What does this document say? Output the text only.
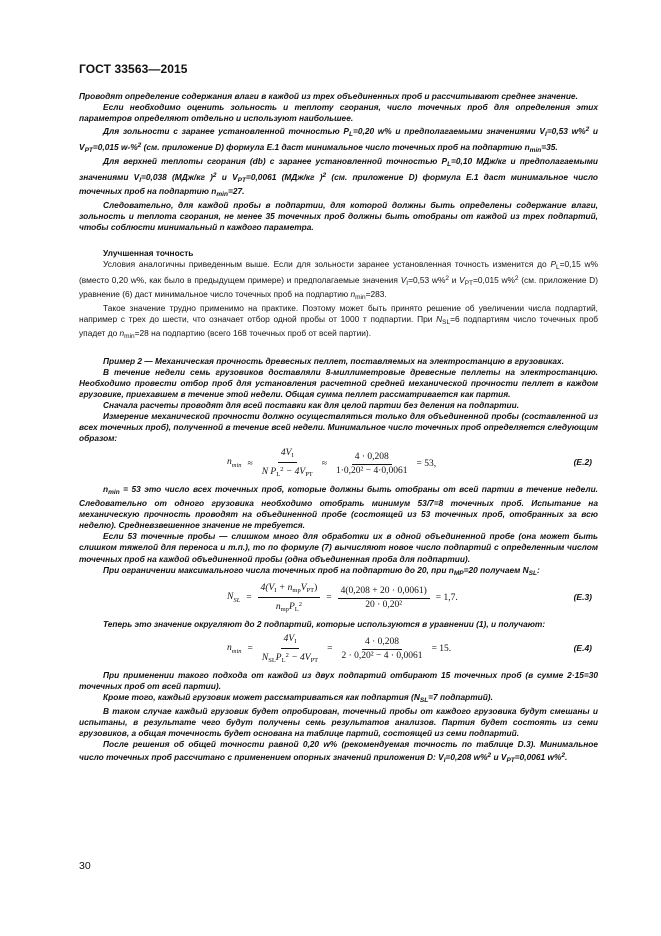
ГОСТ 33563—2015

Проводят определение содержания влаги в каждой из трех объединенных проб и рассчитывают среднее значение.

Если необходимо оценить зольность и теплоту сгорания, число точечных проб для определения этих параметров определяют отдельно и используют наибольшее.

Для зольности с заранее установленной точностью $P_L=0,20$ w% и предполагаемыми значениями $V_I=0,53$ w%$^2$ и $V_{PT}=0,015$ w-%$^2$ (см. приложение D) формула Е.1 даст минимальное число точечных проб на подпартию $n_{min}=35$.

Для верхней теплоты сгорания (db) с заранее установленной точностью $P_L=0,10$ МДж/кг и предполагаемыми значениями $V_I=0,038$ (МДж/кг )$^2$ и $V_{PT}=0,0061$ (МДж/кг )$^2$ (см. приложение D) формула Е.1 даст минимальное число точечных проб на подпартию $n_{min}=27$.

Следовательно, для каждой пробы в подпартии, для которой должны быть определены содержание влаги, зольность и теплота сгорания, не менее 35 точечных проб должны быть отобраны от каждой из трех подпартий, чтобы соблюсти минимальный n каждого параметра.

Улучшенная точность

Условия аналогичны приведенным выше. Если для зольности заранее установленная точность изменится до $P_L=0,15$ w% (вместо 0,20 w%, как было в предыдущем примере) и предполагаемые значения $V_I=0,53$ w%$^2$ и $V_{PT}=0,015$ w%$^2$ (см. приложение D) уравнение (6) даст минимальное число точечных проб на подпартию $n_{min}=283$.

Такое значение трудно применимо на практике. Поэтому может быть принято решение об увеличении числа подпартий, например с трех до шести, что означает отбор одной пробы от 1000 т подпартии. При $N_{SL}=6$ подпартиям число точечных проб упадет до $n_{min}=28$ на подпартию (всего 168 точечных проб от всей партии).

Пример 2 — Механическая прочность древесных пеллет, поставляемых на электростанцию в грузовиках.

В течение недели семь грузовиков доставляли 8-миллиметровые древесные пеллеты на электростанцию. Необходимо провести отбор проб для установления расчетной средней механической прочности пеллет в каждом грузовике, приехавшем в течение этой недели. Общая сумма пеллет рассматривается как партия.

Сначала расчеты проводят для всей поставки как для целой партии без деления на подпартии.

Измерение механической прочности должно осуществляться только для объединенной пробы (составленной из всех точечных проб), полученной в течение всей недели. Минимальное число точечных проб определяется следующим образом:

$n_{min} \approx \frac{4V_I}{N P_L^2 - 4V_{PT}} \approx \frac{4 \cdot 0,208}{\text{1·0,20² − 4·0,0061}} = 53$,	(E.2)

$n_{min} = 53$ это число всех точечных проб, которые должны быть отобраны от всей партии в течение недели. Следовательно от одного грузовика необходимо отобрать минимум 53/7=8 точечных проб. Испытание на механическую прочность проводят на объединенной пробе (состоящей из 53 точечных проб, отобранных за всю неделю). Средневзвешенное значение не требуется.

Если 53 точечные пробы — слишком много для обработки их в одной объединенной пробе (она может быть слишком тяжелой для переноса и т.п.), то по формуле (7) вычисляют новое число подпартий с определенным числом точечных проб на каждой объединенной пробы (одна объединенная проба для подпартии).

При ограничении максимального числа точечных проб на подпартию до 20, при $n_{MP}=20$ получаем $N_{SL}$:

$N_{SL} = \frac{4(V_I + n_{mp}V_{PT})}{n_{mp}P_L^2} = \frac{4(0,208 + 20 \cdot 0,0061)}{\text{20 · 0,20²}} = 1,7$.	(E.3)

Теперь это значение округляют до 2 подпартий, которые используются в уравнении (1), и получают:

$n_{min} = \frac{4V_I}{N_{SL}P_L^2 - 4V_{PT}} = \frac{4 \cdot 0,208}{\text{2 · 0,20² − 4 · 0,0061}} = 15$.	(E.4)

При применении такого подхода от каждой из двух подпартий отбирают 15 точечных проб (в сумме 2·15=30 точечных проб от всей партии).

Кроме того, каждый грузовик может рассматриваться как подпартия ($N_{SL}=7$ подпартий).

В таком случае каждый грузовик будет опробирован, точечный пробы от каждого грузовика будут смешаны и испытаны, в результате чего будут получены семь результатов анализов. Партия будет состоять из семи грузовиков, а общая точечность будет основана на таблице партий, состоящей из семи подпартий.

После решения об общей точности равной 0,20 w% (рекомендуемая точность по таблице D.3). Минимальное число точечных проб рассчитано с применением опорных значений приложения D: $V_I=0,208$ w%$^2$ и $V_{PT}=0,0061$ w%$^2$.

30
